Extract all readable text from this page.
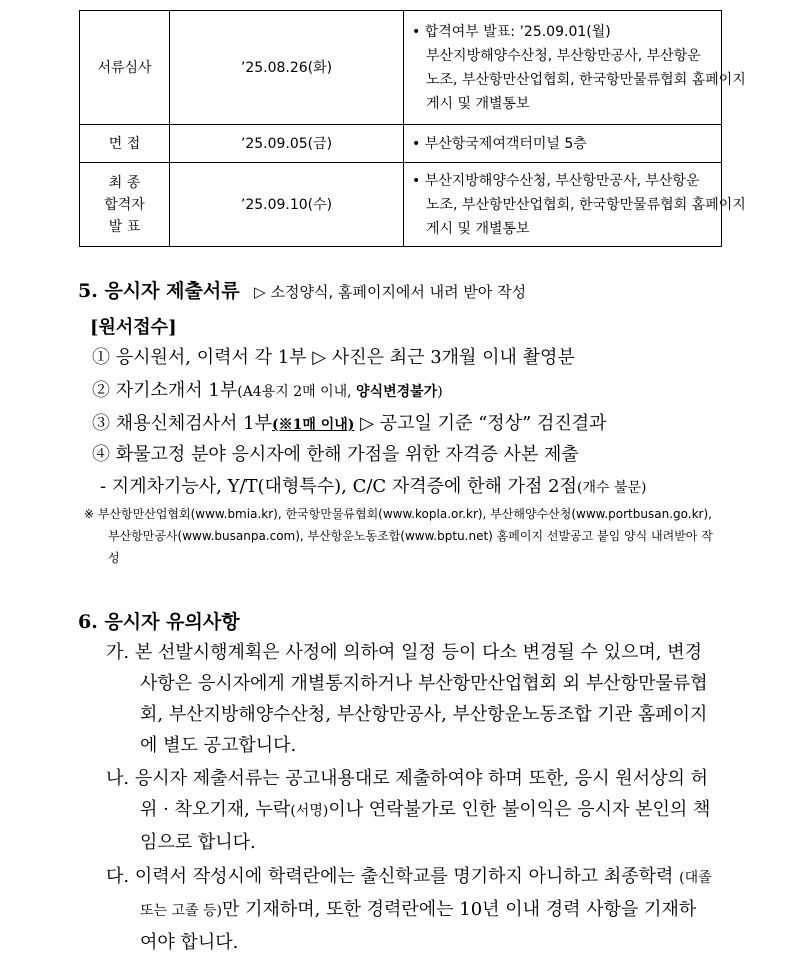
서류심사	’25.08.26(화)	• 합격여부 발표: ’25.09.01(월)
부산지방해양수산청, 부산항만공사, 부산항운
노조, 부산항만산업협회, 한국항만물류협회 홈페이지
게시 및 개별통보

면 접	’25.09.05(금)	• 부산항국제여객터미널 5층

최 종
합격자
발 표	’25.09.10(수)	• 부산지방해양수산청, 부산항만공사, 부산항운
노조, 부산항만산업협회, 한국항만물류협회 홈페이지
게시 및 개별통보
5. 응시자 제출서류 ▷ 소정양식, 홈페이지에서 내려 받아 작성
[원서접수]
① 응시원서, 이력서 각 1부 ▷ 사진은 최근 3개월 이내 촬영분
② 자기소개서 1부(A4용지 2매 이내, 양식변경불가)
③ 채용신체검사서 1부(※1매 이내) ▷ 공고일 기준 “정상” 검진결과
④ 화물고정 분야 응시자에 한해 가점을 위한 자격증 사본 제출
- 지게차기능사, Y/T(대형특수), C/C 자격증에 한해 가점 2점(개수 불문)
※ 부산항만산업협회(www.bmia.kr), 한국항만물류협회(www.kopla.or.kr), 부산해양수산청(www.portbusan.go.kr), 부산항만공사(www.busanpa.com), 부산항운노동조합(www.bptu.net) 홈페이지 선발공고 붙임 양식 내려받아 작성
6. 응시자 유의사항
가. 본 선발시행계획은 사정에 의하여 일정 등이 다소 변경될 수 있으며, 변경사항은 응시자에게 개별통지하거나 부산항만산업협회 외 부산항만물류협회, 부산지방해양수산청, 부산항만공사, 부산항운노동조합 기관 홈페이지에 별도 공고합니다.
나. 응시자 제출서류는 공고내용대로 제출하여야 하며 또한, 응시 원서상의 허위 · 착오기재, 누락(서명)이나 연락불가로 인한 불이익은 응시자 본인의 책임으로 합니다.
다. 이력서 작성시에 학력란에는 출신학교를 명기하지 아니하고 최종학력 (대졸 또는 고졸 등)만 기재하며, 또한 경력란에는 10년 이내 경력 사항을 기재하여야 합니다.
